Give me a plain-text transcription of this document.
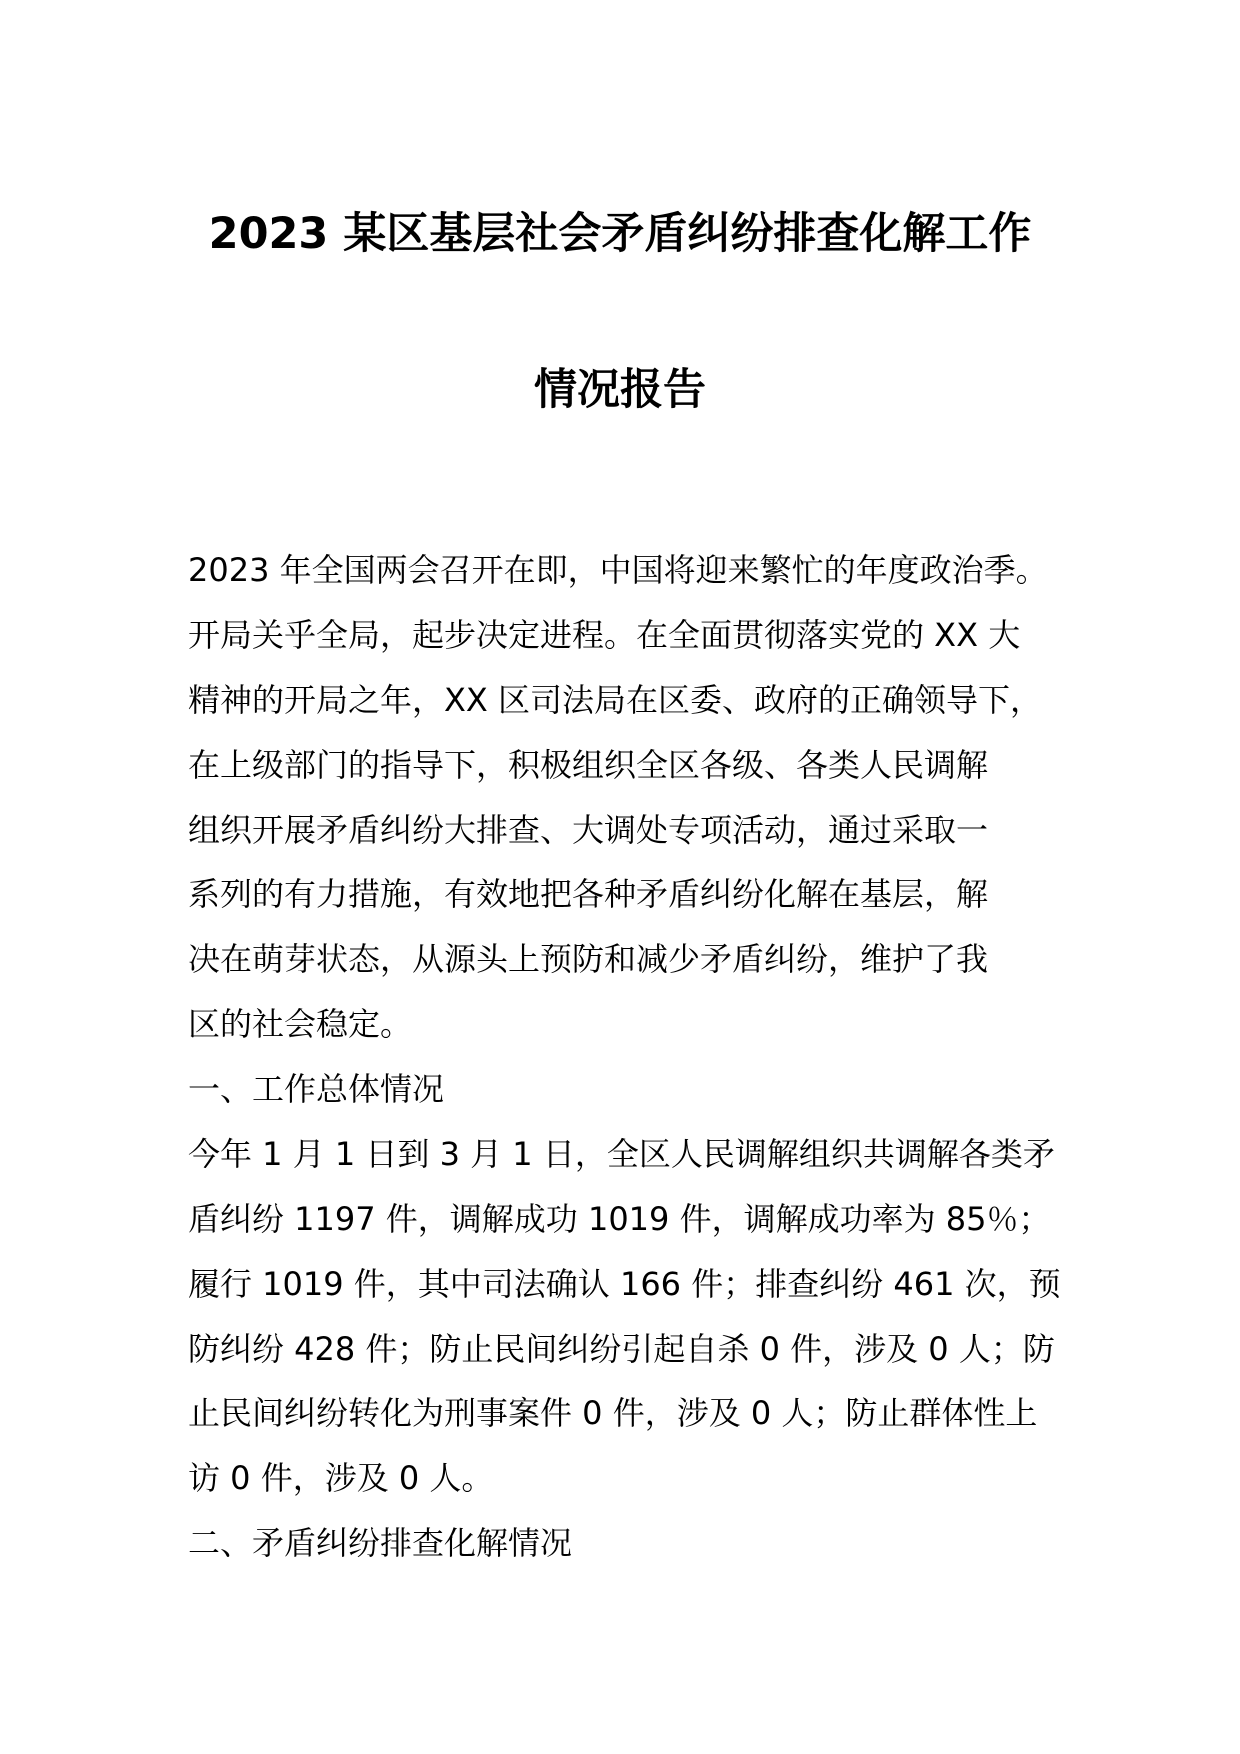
2023 某区基层社会矛盾纠纷排查化解工作
情况报告
2023 年全国两会召开在即，中国将迎来繁忙的年度政治季。
开局关乎全局，起步决定进程。在全面贯彻落实党的 XX 大
精神的开局之年，XX 区司法局在区委、政府的正确领导下，
在上级部门的指导下，积极组织全区各级、各类人民调解
组织开展矛盾纠纷大排查、大调处专项活动，通过采取一
系列的有力措施，有效地把各种矛盾纠纷化解在基层，解
决在萌芽状态，从源头上预防和减少矛盾纠纷，维护了我
区的社会稳定。
一、工作总体情况
今年 1 月 1 日到 3 月 1 日，全区人民调解组织共调解各类矛
盾纠纷 1197 件，调解成功 1019 件，调解成功率为 85％；
履行 1019 件，其中司法确认 166 件；排查纠纷 461 次，预
防纠纷 428 件；防止民间纠纷引起自杀 0 件，涉及 0 人；防
止民间纠纷转化为刑事案件 0 件，涉及 0 人；防止群体性上
访 0 件，涉及 0 人。
二、矛盾纠纷排查化解情况
